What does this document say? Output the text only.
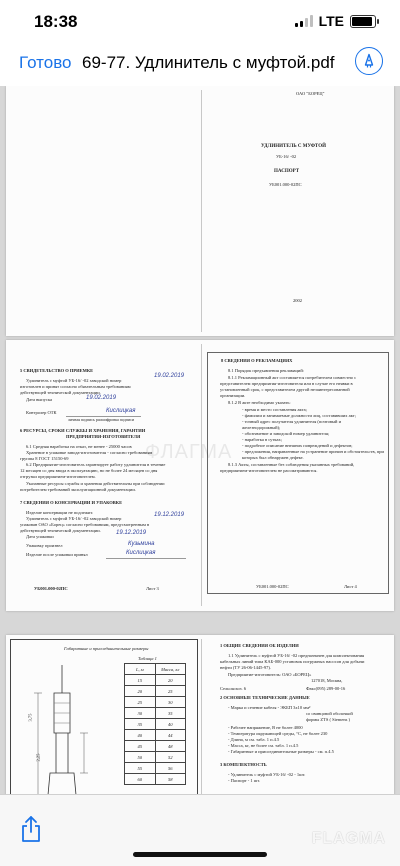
18:38	LTE
Готово 69-77. Удлинитель с муфтой.pdf
ОАО "БОРЕЦ"
УДЛИНИТЕЛЬ С МУФТОЙ
УБ-16/ -02
ПАСПОРТ
УБ001.000-02ПС
2002
5 СВИДЕТЕЛЬСТВО О ПРИЕМКЕ
Удлинитель с муфтой УБ-16/ -02 заводской номер
изготовлен и принят согласно обязательным требованиям
действующей технической документации.
Дата выпуска
Контролер ОТК
личная подпись расшифровка подписи
6 РЕСУРСЫ, СРОКИ СЛУЖБЫ И ХРАНЕНИЯ, ГАРАНТИИ
ПРЕДПРИЯТИЯ-ИЗГОТОВИТЕЛЯ
6.1 Средняя наработка на отказ, не менее - 25000 часов
Хранение в упаковке завода-изготовителя - согласно требованиям
группы 8 ГОСТ 15150-69
6.2 Предприятие-изготовитель гарантирует работу удлинителя в течение
12 месяцев со дня ввода в эксплуатацию, но не более 24 месяцев со дня
отгрузки предприятием-изготовителем.
Указанные ресурсы службы и хранения действительны при соблюдении
потребителем требований эксплуатационной документации.
7 СВЕДЕНИЯ О КОНСЕРВАЦИИ И УПАКОВКЕ
Изделие консервации не подлежит.
Удлинитель с муфтой УБ-16/ -02 заводской номер
упакован ОАО «Борец» согласно требованиям, предусмотренным в
действующей технической документации.
Дата упаковки
Упаковку произвел
Изделие после упаковки принял
УБ001.000-02ПС	Лист 3	УБ001.000-02ПС	Лист 4
19.02.2019
19.02.2019
Кислицкая
19.12.2019
19.12.2019
Кузьмина
Кислицкая
8 СВЕДЕНИЯ О РЕКЛАМАЦИЯХ
8.1 Порядок предъявления рекламаций:
8.1.1 Рекламационный акт составляется потребителем совместно с
представителем предприятия-изготовителя или в случае его неявки в
установленный срок, с представителем другой незаинтересованной
организации.
8.1.2 В акте необходимо указать:
- время и место составления акта;
- фамилии и занимаемые должности лиц, составивших акт;
- точный адрес получателя удлинителя (почтовый и
железнодорожный);
- обозначение и заводской номер удлинителя;
- наработка в сутках;
- подробное описание внешних повреждений и дефектов;
- предложения, направленные на устранение причин и обстоятельств, при
которых был обнаружен дефект.
8.1.3 Акты, составленные без соблюдения указанных требований,
предприятием-изготовителем не рассматриваются.
Габаритные и присоединительные размеры
Таблица 1
3,75
2,25
L, м	Масса, кг
15	20
20	25
25	30
30	35
35	40
40	44
45	48
50	52
55	56
60	58
1 ОБЩИЕ СВЕДЕНИЯ ОБ ИЗДЕЛИИ
1.1 Удлинитель с муфтой УБ-16/ -02 предназначен для комплектования
кабельных линий типа КАБ-000 установок погружных насосов для добычи
нефти (ТУ 26-06-1445-97).
Предприятие-изготовитель: ОАО «БОРЕЦ»
127018, Москва,
Сельскохоз. 6	Факс(095) 289-00-16
2 ОСНОВНЫЕ ТЕХНИЧЕСКИЕ ДАННЫЕ
- Марка и сечение кабеля - ЭКБП 3х10 мм²
со свинцовой оболочкой
формы ZTS ( Siemens )
- Рабочее напряжение, В не более 4000
- Температура окружающей среды, °С, не более 230
- Длина, м см. табл. 1 п.4.5
- Масса, кг, не более см. табл. 1 п.4.5
- Габаритные и присоединительные размеры - см. п.4.5
3 КОМПЛЕКТНОСТЬ
- Удлинитель с муфтой УБ-16/ -02 - 1шт.
- Паспорт - 1 шт.
ФЛАГМА
FLAGMA
